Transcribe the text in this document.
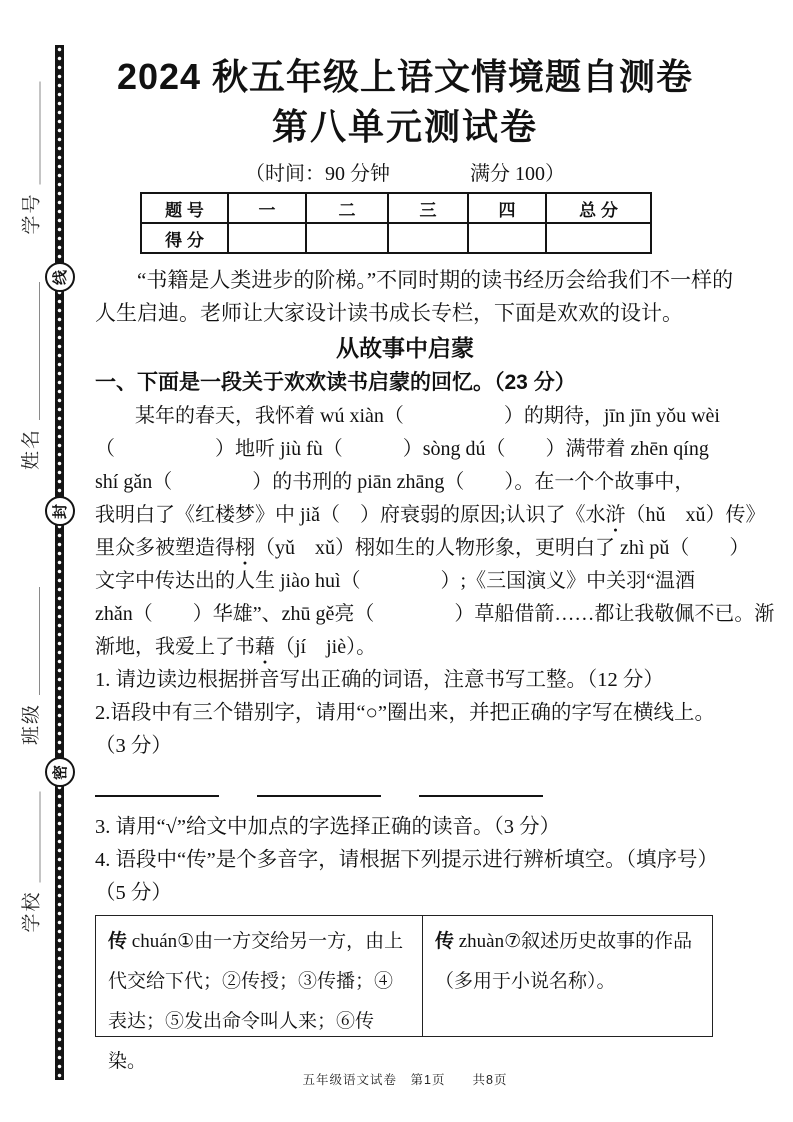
学号
线
姓名
封
班级
密
学校
2024 秋五年级上语文情境题自测卷
第八单元测试卷
（时间：90 分钟　　　　满分 100）
题 号	一	二	三	四	总 分
得 分					
　　“书籍是人类进步的阶梯。”不同时期的读书经历会给我们不一样的
人生启迪。老师让大家设计读书成长专栏，下面是欢欢的设计。
从故事中启蒙
一、下面是一段关于欢欢读书启蒙的回忆。（23 分）
　　某年的春天，我怀着 wú xiàn（　　　　　）的期待，jīn jīn yǒu wèi
（　　　　　）地听 jiù fù（　　　）sòng dú（　　）满带着 zhēn qíng
shí gǎn（　　　　）的书刑的 piān zhāng（　　）。在一个个故事中，
我明白了《红楼梦》中 jiǎ（　）府衰弱的原因;认识了《水浒 ●（hǔ　xǔ）传》
里众多被塑造得栩 ●（yǔ　xǔ）栩如生的人物形象，更明白了 zhì pǔ（　　）
文字中传达出的人生 jiào huì（　　　　）;《三国演义》中关羽“温酒
zhǎn（　　）华雄”、zhū gě亮（　　　　）草船借箭……都让我敬佩不已。渐
渐地，我爱上了书藉 ●（jí　jiè）。
1. 请边读边根据拼音写出正确的词语，注意书写工整。（12 分）
2.语段中有三个错别字，请用“○”圈出来，并把正确的字写在横线上。
（3 分）
3. 请用“√”给文中加点的字选择正确的读音。（3 分）
4. 语段中“传”是个多音字，请根据下列提示进行辨析填空。（填序号）
（5 分）
传 chuán①由一方交给另一方，由上代交给下代；②传授；③传播；④表达；⑤发出命令叫人来；⑥传染。
传 zhuàn⑦叙述历史故事的作品（多用于小说名称）。
五年级语文试卷　第1页　　共8页
